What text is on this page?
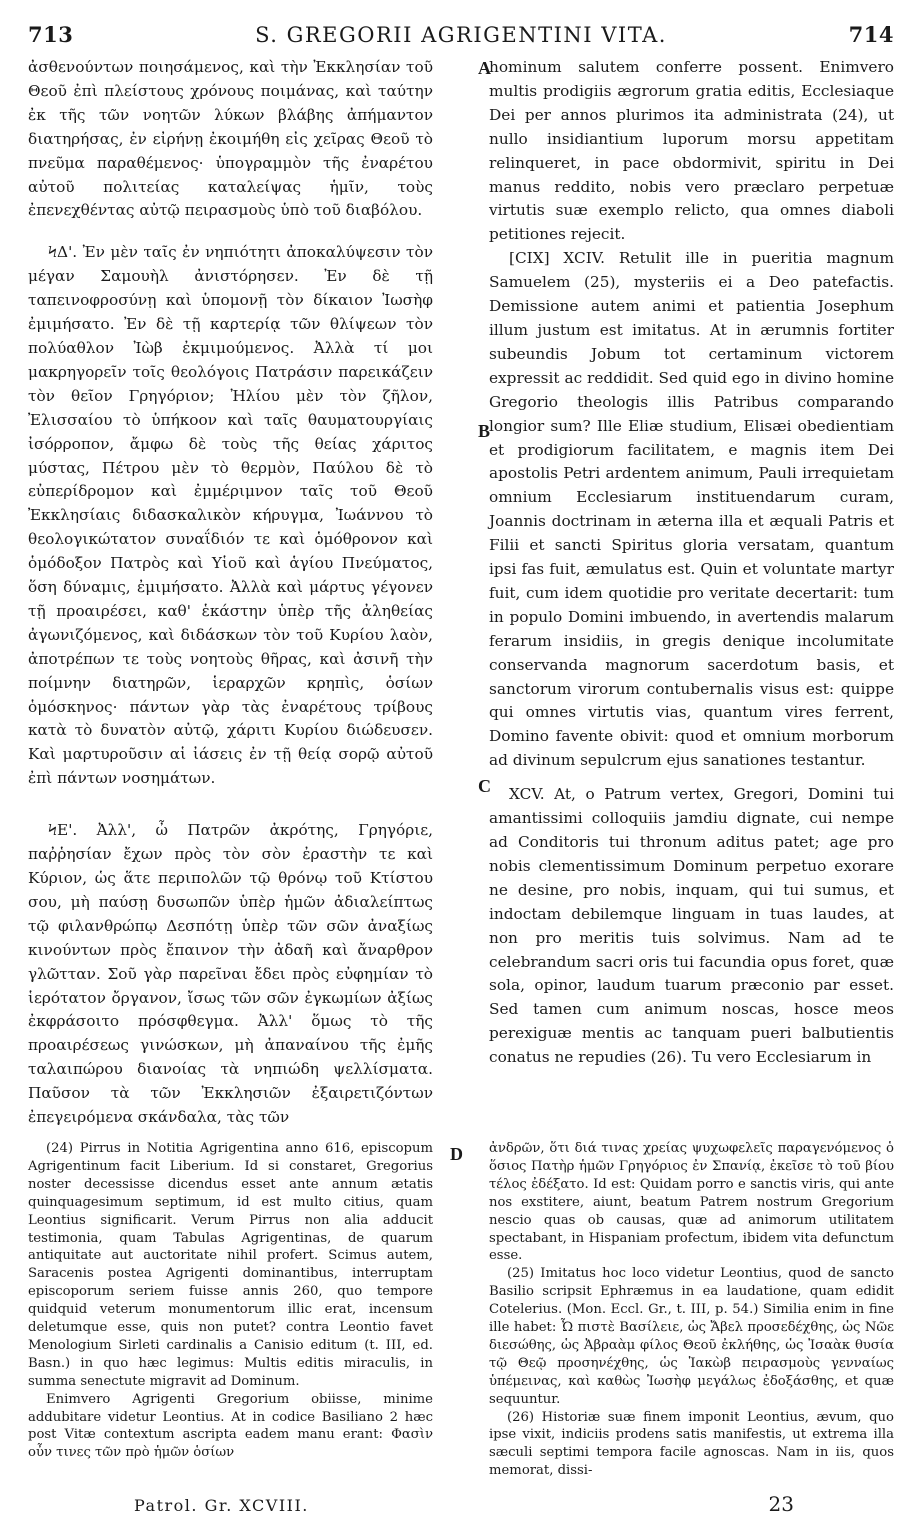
713	S. GREGORII AGRIGENTINI VITA.	714

ἀσθενούντων ποιησάμενος, καὶ τὴν Ἐκκλησίαν τοῦ Θεοῦ ἐπὶ πλείστους χρόνους ποιμάνας, καὶ ταύτην ἐκ τῆς τῶν νοητῶν λύκων βλάβης ἀπήμαντον διατηρήσας, ἐν εἰρήνῃ ἐκοιμήθη εἰς χεῖρας Θεοῦ τὸ πνεῦμα παραθέμενος· ὑπογραμμὸν τῆς ἐναρέτου αὐτοῦ πολιτείας καταλείψας ἡμῖν, τοὺς ἐπενεχθέντας αὐτῷ πειρασμοὺς ὑπὸ τοῦ διαβόλου.

ϞΔ'. Ἐν μὲν ταῖς ἐν νηπιότητι ἀποκαλύψεσιν τὸν μέγαν Σαμουὴλ ἀνιστόρησεν. Ἐν δὲ τῇ ταπεινοφροσύνῃ καὶ ὑπομονῇ τὸν δίκαιον Ἰωσὴφ ἐμιμήσατο. Ἐν δὲ τῇ καρτερίᾳ τῶν θλίψεων τὸν πολύαθλον Ἰὼβ ἐκμιμούμενος. Ἀλλὰ τί μοι μακρηγορεῖν τοῖς θεολόγοις Πατράσιν παρεικάζειν τὸν θεῖον Γρηγόριον; Ἠλίου μὲν τὸν ζῆλον, Ἐλισσαίου τὸ ὑπήκοον καὶ ταῖς θαυματουργίαις ἰσόρροπον, ἄμφω δὲ τοὺς τῆς θείας χάριτος μύστας, Πέτρου μὲν τὸ θερμὸν, Παύλου δὲ τὸ εὐπερίδρομον καὶ ἐμμέριμνον ταῖς τοῦ Θεοῦ Ἐκκλησίαις διδασκαλικὸν κήρυγμα, Ἰωάννου τὸ θεολογικώτατον συναΐδιόν τε καὶ ὁμόθρονον καὶ ὁμόδοξον Πατρὸς καὶ Υἱοῦ καὶ ἁγίου Πνεύματος, ὅση δύναμις, ἐμιμήσατο. Ἀλλὰ καὶ μάρτυς γέγονεν τῇ προαιρέσει, καθ' ἑκάστην ὑπὲρ τῆς ἀληθείας ἀγωνιζόμενος, καὶ διδάσκων τὸν τοῦ Κυρίου λαὸν, ἀποτρέπων τε τοὺς νοητοὺς θῆρας, καὶ ἀσινῆ τὴν ποίμνην διατηρῶν, ἱεραρχῶν κρηπὶς, ὁσίων ὁμόσκηνος· πάντων γὰρ τὰς ἐναρέτους τρίβους κατὰ τὸ δυνατὸν αὐτῷ, χάριτι Κυρίου διώδευσεν. Καὶ μαρτυροῦσιν αἱ ἰάσεις ἐν τῇ θείᾳ σορῷ αὐτοῦ ἐπὶ πάντων νοσημάτων.

ϞΕ'. Ἀλλ', ὦ Πατρῶν ἀκρότης, Γρηγόριε, παῤῥησίαν ἔχων πρὸς τὸν σὸν ἐραστὴν τε καὶ Κύριον, ὡς ἅτε περιπολῶν τῷ θρόνῳ τοῦ Κτίστου σου, μὴ παύσῃ δυσωπῶν ὑπὲρ ἡμῶν ἀδιαλείπτως τῷ φιλανθρώπῳ Δεσπότῃ ὑπὲρ τῶν σῶν ἀναξίως κινούντων πρὸς ἔπαινον τὴν ἀδαῆ καὶ ἄναρθρον γλῶτταν. Σοῦ γὰρ παρεῖναι ἔδει πρὸς εὐφημίαν τὸ ἱερότατον ὄργανον, ἴσως τῶν σῶν ἐγκωμίων ἀξίως ἐκφράσοιτο πρόσφθεγμα. Ἀλλ' ὅμως τὸ τῆς προαιρέσεως γινώσκων, μὴ ἀπαναίνου τῆς ἐμῆς ταλαιπώρου διανοίας τὰ νηπιώδη ψελλίσματα. Παῦσον τὰ τῶν Ἐκκλησιῶν ἐξαιρετιζόντων ἐπεγειρόμενα σκάνδαλα, τὰς τῶν

hominum salutem conferre possent. Enimvero multis prodigiis ægrorum gratia editis, Ecclesiaque Dei per annos plurimos ita administrata (24), ut nullo insidiantium luporum morsu appetitam relinqueret, in pace obdormivit, spiritu in Dei manus reddito, nobis vero præclaro perpetuæ virtutis suæ exemplo relicto, qua omnes diaboli petitiones rejecit.

[CIX] XCIV. Retulit ille in pueritia magnum Samuelem (25), mysteriis ei a Deo patefactis. Demissione autem animi et patientia Josephum illum justum est imitatus. At in ærumnis fortiter subeundis Jobum tot certaminum victorem expressit ac reddidit. Sed quid ego in divino homine Gregorio theologis illis Patribus comparando longior sum? Ille Eliæ studium, Elisæi obedientiam et prodigiorum facilitatem, e magnis item Dei apostolis Petri ardentem animum, Pauli irrequietam omnium Ecclesiarum instituendarum curam, Joannis doctrinam in æterna illa et æquali Patris et Filii et sancti Spiritus gloria versatam, quantum ipsi fas fuit, æmulatus est. Quin et voluntate martyr fuit, cum idem quotidie pro veritate decertarit: tum in populo Domini imbuendo, in avertendis malarum ferarum insidiis, in gregis denique incolumitate conservanda magnorum sacerdotum basis, et sanctorum virorum contubernalis visus est: quippe qui omnes virtutis vias, quantum vires ferrent, Domino favente obivit: quod et omnium morborum ad divinum sepulcrum ejus sanationes testantur.

XCV. At, o Patrum vertex, Gregori, Domini tui amantissimi colloquiis jamdiu dignate, cui nempe ad Conditoris tui thronum aditus patet; age pro nobis clementissimum Dominum perpetuo exorare ne desine, pro nobis, inquam, qui tui sumus, et indoctam debilemque linguam in tuas laudes, at non pro meritis tuis solvimus. Nam ad te celebrandum sacri oris tui facundia opus foret, quæ sola, opinor, laudum tuarum præconio par esset. Sed tamen cum animum noscas, hosce meos perexiguæ mentis ac tanquam pueri balbutientis conatus ne repudies (26). Tu vero Ecclesiarum in

A
B
C

(24) Pirrus in Notitia Agrigentina anno 616, episcopum Agrigentinum facit Liberium. Id si constaret, Gregorius noster decessisse dicendus esset ante annum ætatis quinquagesimum septimum, id est multo citius, quam Leontius significarit. Verum Pirrus non alia adducit testimonia, quam Tabulas Agrigentinas, de quarum antiquitate aut auctoritate nihil profert. Scimus autem, Saracenis postea Agrigenti dominantibus, interruptam episcoporum seriem fuisse annis 260, quo tempore quidquid veterum monumentorum illic erat, incensum deletumque esse, quis non putet? contra Leontio favet Menologium Sirleti cardinalis a Canisio editum (t. III, ed. Basn.) in quo hæc legimus: Multis editis miraculis, in summa senectute migravit ad Dominum.

Enimvero Agrigenti Gregorium obiisse, minime addubitare videtur Leontius. At in codice Basiliano 2 hæc post Vitæ contextum ascripta eadem manu erant: Φασὶν οὖν τινες τῶν πρὸ ἡμῶν ὁσίων

ἀνδρῶν, ὅτι διά τινας χρείας ψυχωφελεῖς παραγενόμενος ὁ ὅσιος Πατὴρ ἡμῶν Γρηγόριος ἐν Σπανίᾳ, ἐκεῖσε τὸ τοῦ βίου τέλος ἐδέξατο. Id est: Quidam porro e sanctis viris, qui ante nos exstitere, aiunt, beatum Patrem nostrum Gregorium nescio quas ob causas, quæ ad animorum utilitatem spectabant, in Hispaniam profectum, ibidem vita defunctum esse.

(25) Imitatus hoc loco videtur Leontius, quod de sancto Basilio scripsit Ephræmus in ea laudatione, quam edidit Cotelerius. (Mon. Eccl. Gr., t. III, p. 54.) Similia enim in fine ille habet: Ὦ πιστὲ Βασίλειε, ὡς Ἄβελ προσεδέχθης, ὡς Νῶε διεσώθης, ὡς Ἀβραὰμ φίλος Θεοῦ ἐκλήθης, ὡς Ἰσαὰκ θυσία τῷ Θεῷ προσηνέχθης, ὡς Ἰακὼβ πειρασμοὺς γενναίως ὑπέμεινας, καὶ καθὼς Ἰωσὴφ μεγάλως ἐδοξάσθης, et quæ sequuntur.

(26) Historiæ suæ finem imponit Leontius, ævum, quo ipse vixit, indiciis prodens satis manifestis, ut extrema illa sæculi septimi tempora facile agnoscas. Nam in iis, quos memorat, dissi-

D
Patrol. Gr. XCVIII.	23
